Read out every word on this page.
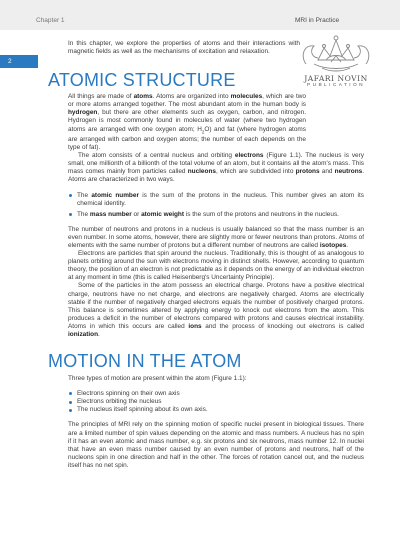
Chapter 1	MRI in Practice
2
JAFARI NOVIN
PUBLICATION

In this chapter, we explore the properties of atoms and their interactions with magnetic fields as well as the mechanisms of excitation and relaxation.

ATOMIC STRUCTURE

All things are made of atoms. Atoms are organized into molecules, which are two or more atoms arranged together. The most abundant atom in the human body is hydrogen, but there are other elements such as oxygen, carbon, and nitrogen. Hydrogen is most commonly found in molecules of water (where two hydrogen atoms are arranged with one oxygen atom; $H_2O$) and fat (where hydrogen atoms are arranged with carbon and oxygen atoms; the number of each depends on the type of fat).

The atom consists of a central nucleus and orbiting electrons (Figure 1.1). The nucleus is very small, one millionth of a billionth of the total volume of an atom, but it contains all the atom's mass. This mass comes mainly from particles called nucleons, which are subdivided into protons and neutrons. Atoms are characterized in two ways.

The atomic number is the sum of the protons in the nucleus. This number gives an atom its chemical identity.
The mass number or atomic weight is the sum of the protons and neutrons in the nucleus.

The number of neutrons and protons in a nucleus is usually balanced so that the mass number is an even number. In some atoms, however, there are slightly more or fewer neutrons than protons. Atoms of elements with the same number of protons but a different number of neutrons are called isotopes.

Electrons are particles that spin around the nucleus. Traditionally, this is thought of as analogous to planets orbiting around the sun with electrons moving in distinct shells. However, according to quantum theory, the position of an electron is not predictable as it depends on the energy of an individual electron at any moment in time (this is called Heisenberg's Uncertainty Principle).

Some of the particles in the atom possess an electrical charge. Protons have a positive electrical charge, neutrons have no net charge, and electrons are negatively charged. Atoms are electrically stable if the number of negatively charged electrons equals the number of positively charged protons. This balance is sometimes altered by applying energy to knock out electrons from the atom. This produces a deficit in the number of electrons compared with protons and causes electrical instability. Atoms in which this occurs are called ions and the process of knocking out electrons is called ionization.

MOTION IN THE ATOM

Three types of motion are present within the atom (Figure 1.1):

Electrons spinning on their own axis
Electrons orbiting the nucleus
The nucleus itself spinning about its own axis.

The principles of MRI rely on the spinning motion of specific nuclei present in biological tissues. There are a limited number of spin values depending on the atomic and mass numbers. A nucleus has no spin if it has an even atomic and mass number, e.g. six protons and six neutrons, mass number 12. In nuclei that have an even mass number caused by an even number of protons and neutrons, half of the nucleons spin in one direction and half in the other. The forces of rotation cancel out, and the nucleus itself has no net spin.
